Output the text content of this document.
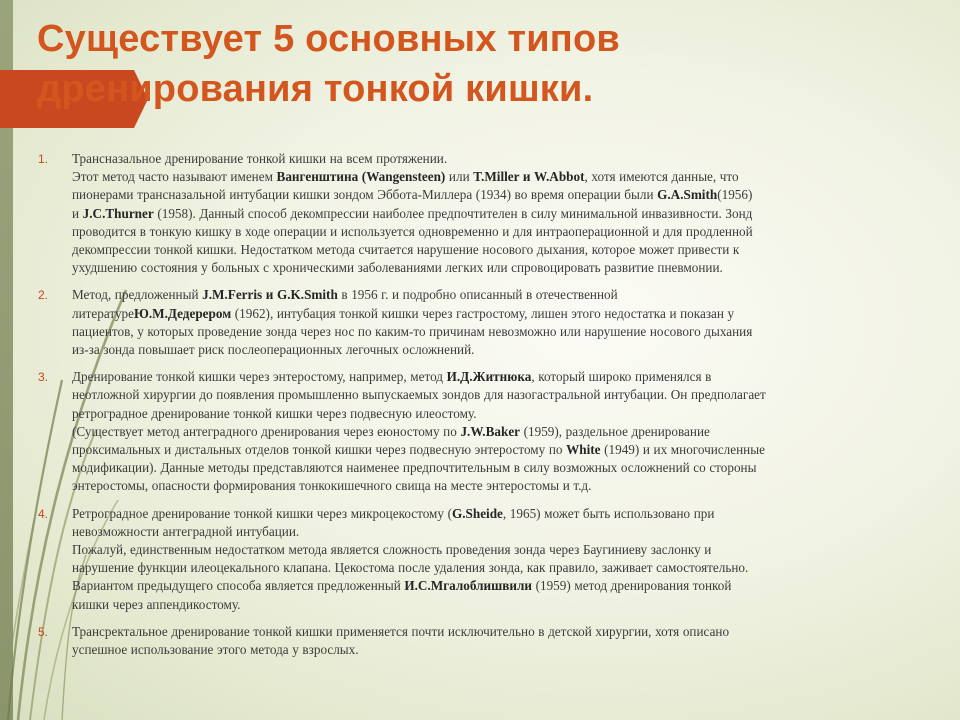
Существует 5 основных типов
дренирования тонкой кишки.
1. Трансназальное дренирование тонкой кишки на всем протяжении.
Этот метод часто называют именем Вангенштина (Wangensteen) или T.Miller и W.Abbot, хотя имеются данные, что
пионерами трансназальной интубации кишки зондом Эббота-Миллера (1934) во время операции были G.A.Smith(1956)
и J.C.Thurner (1958). Данный способ декомпрессии наиболее предпочтителен в силу минимальной инвазивности. Зонд
проводится в тонкую кишку в ходе операции и используется одновременно и для интраоперационной и для продленной
декомпрессии тонкой кишки. Недостатком метода считается нарушение носового дыхания, которое может привести к
ухудшению состояния у больных с хроническими заболеваниями легких или спровоцировать развитие пневмонии.
2. Метод, предложенный J.M.Ferris и G.K.Smith в 1956 г. и подробно описанный в отечественной
литературеЮ.М.Дедерером (1962), интубация тонкой кишки через гастростому, лишен этого недостатка и показан у
пациентов, у которых проведение зонда через нос по каким-то причинам невозможно или нарушение носового дыхания
из-за зонда повышает риск послеоперационных легочных осложнений.
3. Дренирование тонкой кишки через энтеростому, например, метод И.Д.Житнюка, который широко применялся в
неотложной хирургии до появления промышленно выпускаемых зондов для назогастральной интубации. Он предполагает
ретроградное дренирование тонкой кишки через подвесную илеостому.
(Существует метод антеградного дренирования через еюностому по J.W.Baker (1959), раздельное дренирование
проксимальных и дистальных отделов тонкой кишки через подвесную энтеростому по White (1949) и их многочисленные
модификации). Данные методы представляются наименее предпочтительным в силу возможных осложнений со стороны
энтеростомы, опасности формирования тонкокишечного свища на месте энтеростомы и т.д.
4. Ретроградное дренирование тонкой кишки через микроцекостому (G.Sheide, 1965) может быть использовано при
невозможности антеградной интубации.
Пожалуй, единственным недостатком метода является сложность проведения зонда через Баугиниеву заслонку и
нарушение функции илеоцекального клапана. Цекостома после удаления зонда, как правило, заживает самостоятельно.
Вариантом предыдущего способа является предложенный И.С.Мгалоблишвили (1959) метод дренирования тонкой
кишки через аппендикостому.
5. Трансректальное дренирование тонкой кишки применяется почти исключительно в детской хирургии, хотя описано
успешное использование этого метода у взрослых.
